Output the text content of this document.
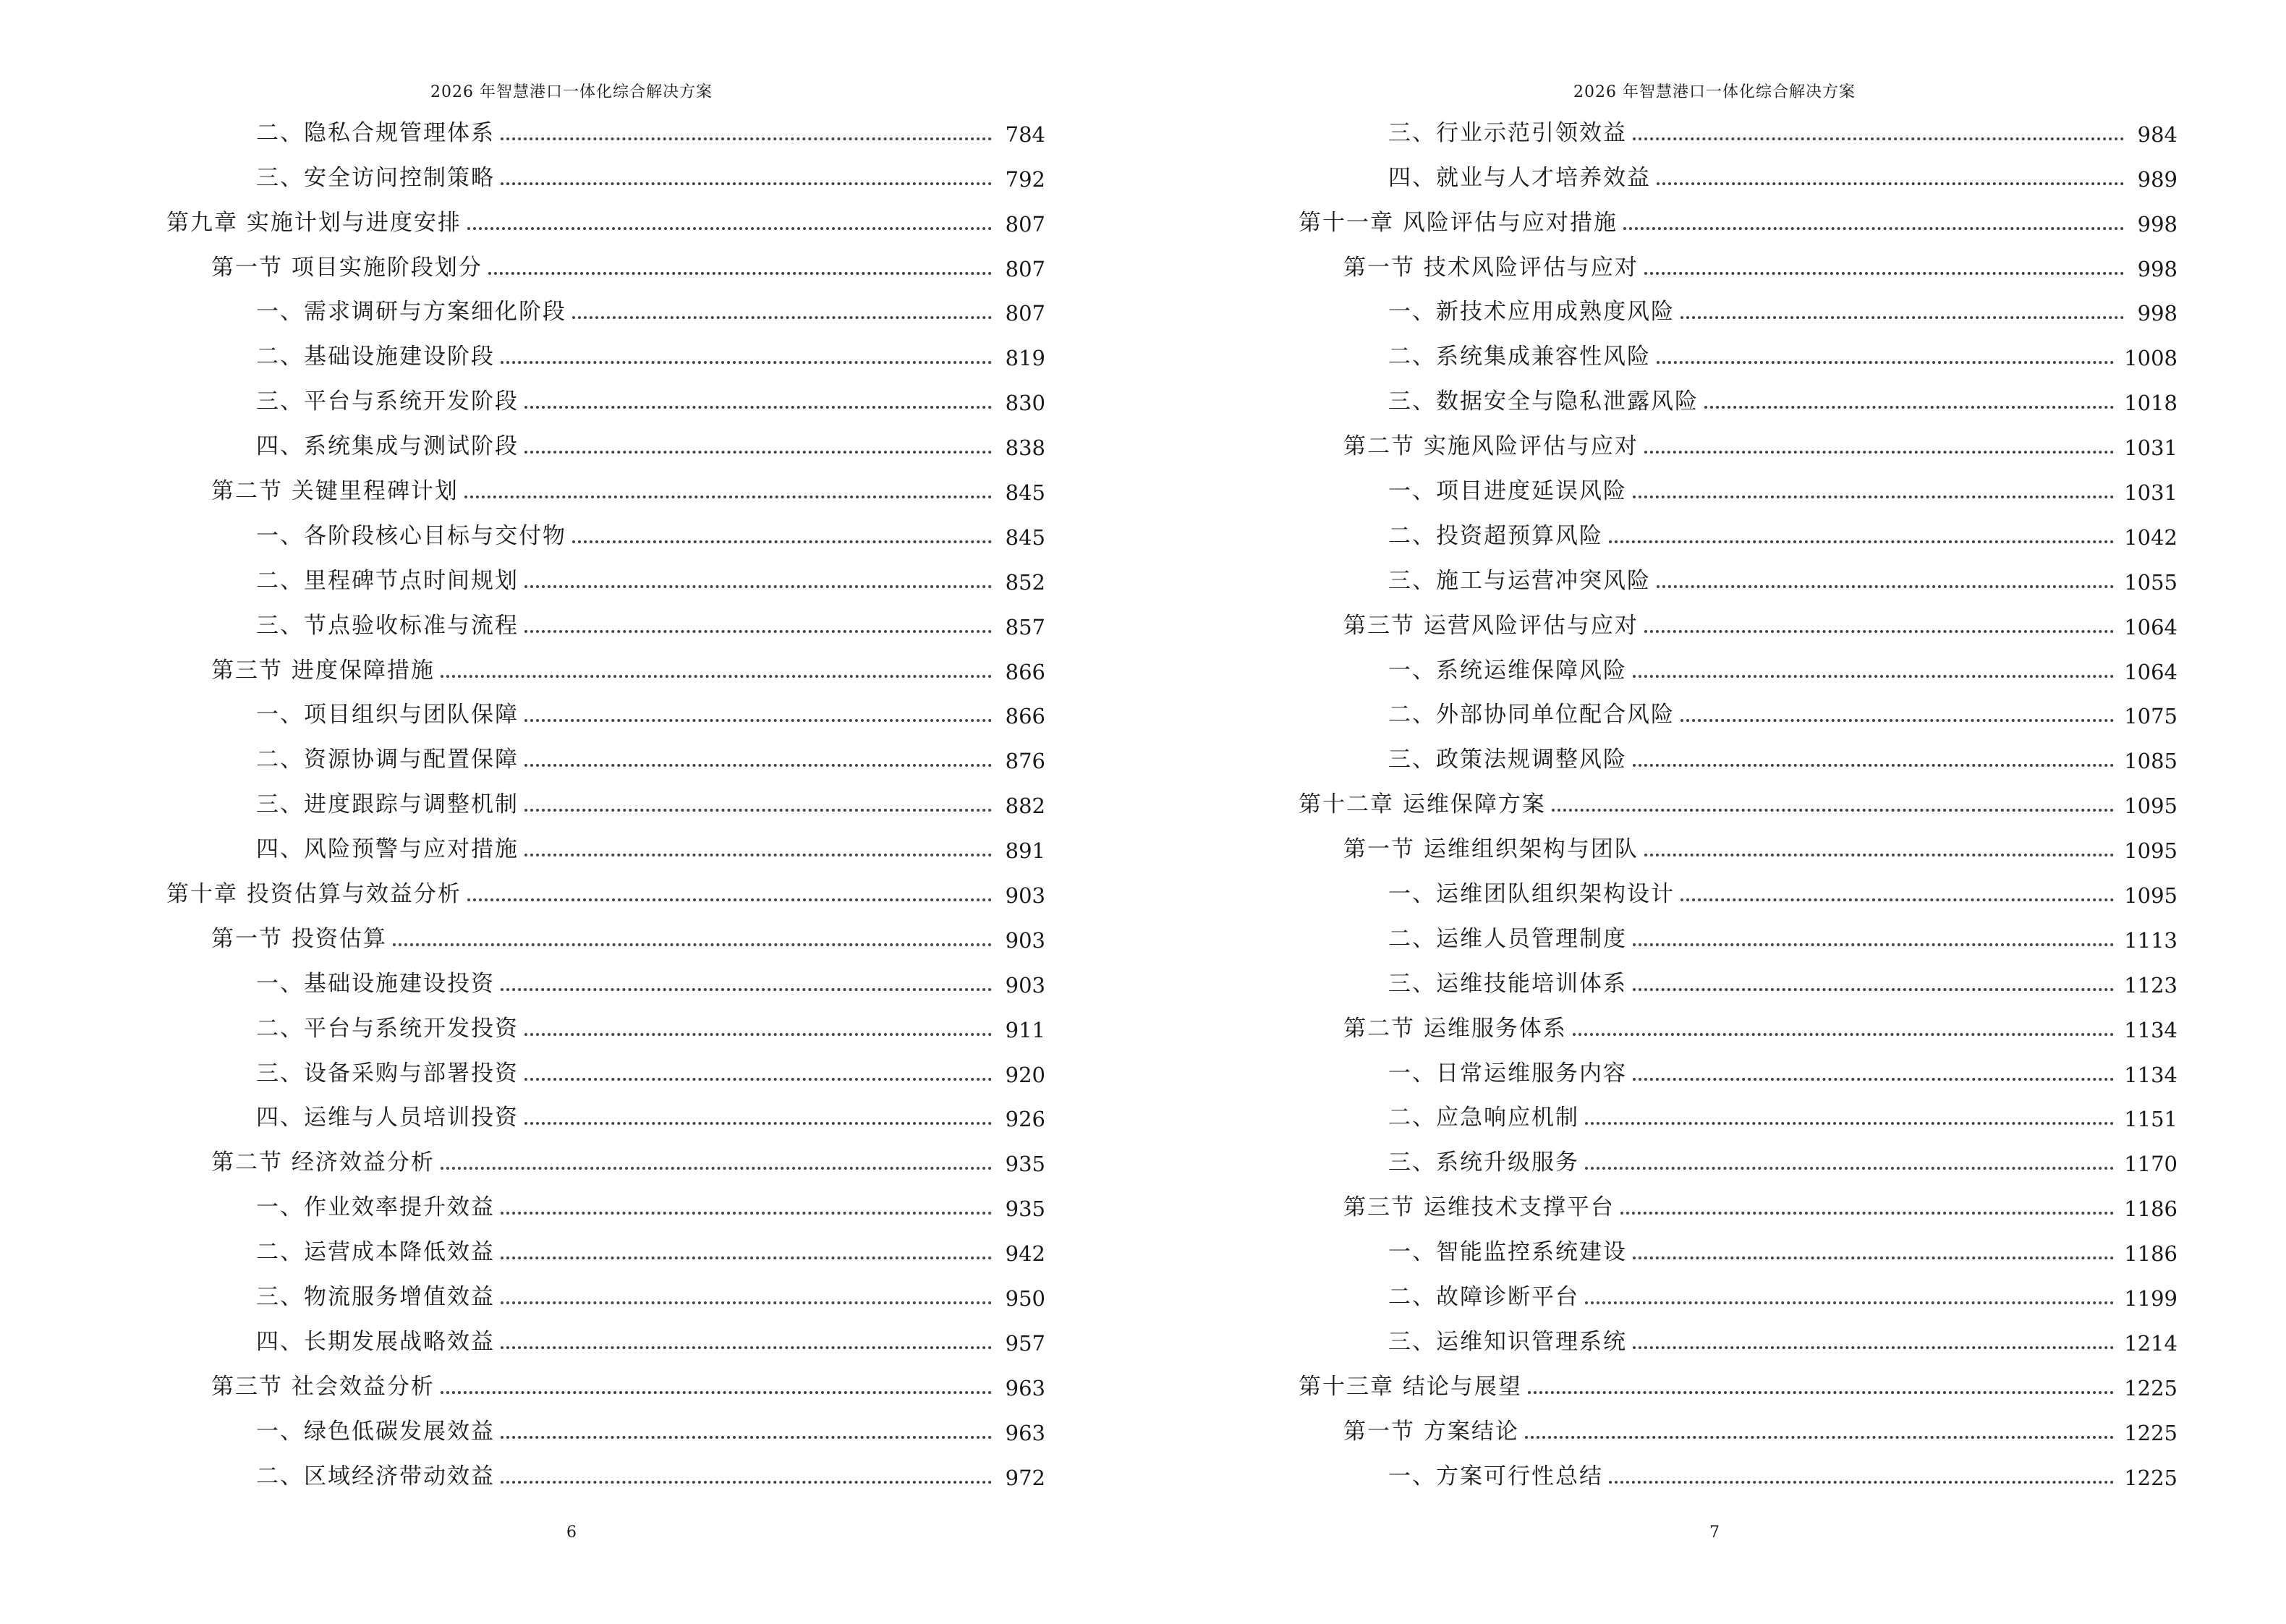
2026 年智慧港口一体化综合解决方案
二、隐私合规管理体系	784
三、安全访问控制策略	792
第九章 实施计划与进度安排	807
第一节 项目实施阶段划分	807
一、需求调研与方案细化阶段	807
二、基础设施建设阶段	819
三、平台与系统开发阶段	830
四、系统集成与测试阶段	838
第二节 关键里程碑计划	845
一、各阶段核心目标与交付物	845
二、里程碑节点时间规划	852
三、节点验收标准与流程	857
第三节 进度保障措施	866
一、项目组织与团队保障	866
二、资源协调与配置保障	876
三、进度跟踪与调整机制	882
四、风险预警与应对措施	891
第十章 投资估算与效益分析	903
第一节 投资估算	903
一、基础设施建设投资	903
二、平台与系统开发投资	911
三、设备采购与部署投资	920
四、运维与人员培训投资	926
第二节 经济效益分析	935
一、作业效率提升效益	935
二、运营成本降低效益	942
三、物流服务增值效益	950
四、长期发展战略效益	957
第三节 社会效益分析	963
一、绿色低碳发展效益	963
二、区域经济带动效益	972
6
2026 年智慧港口一体化综合解决方案
三、行业示范引领效益	984
四、就业与人才培养效益	989
第十一章 风险评估与应对措施	998
第一节 技术风险评估与应对	998
一、新技术应用成熟度风险	998
二、系统集成兼容性风险	1008
三、数据安全与隐私泄露风险	1018
第二节 实施风险评估与应对	1031
一、项目进度延误风险	1031
二、投资超预算风险	1042
三、施工与运营冲突风险	1055
第三节 运营风险评估与应对	1064
一、系统运维保障风险	1064
二、外部协同单位配合风险	1075
三、政策法规调整风险	1085
第十二章 运维保障方案	1095
第一节 运维组织架构与团队	1095
一、运维团队组织架构设计	1095
二、运维人员管理制度	1113
三、运维技能培训体系	1123
第二节 运维服务体系	1134
一、日常运维服务内容	1134
二、应急响应机制	1151
三、系统升级服务	1170
第三节 运维技术支撑平台	1186
一、智能监控系统建设	1186
二、故障诊断平台	1199
三、运维知识管理系统	1214
第十三章 结论与展望	1225
第一节 方案结论	1225
一、方案可行性总结	1225
7
